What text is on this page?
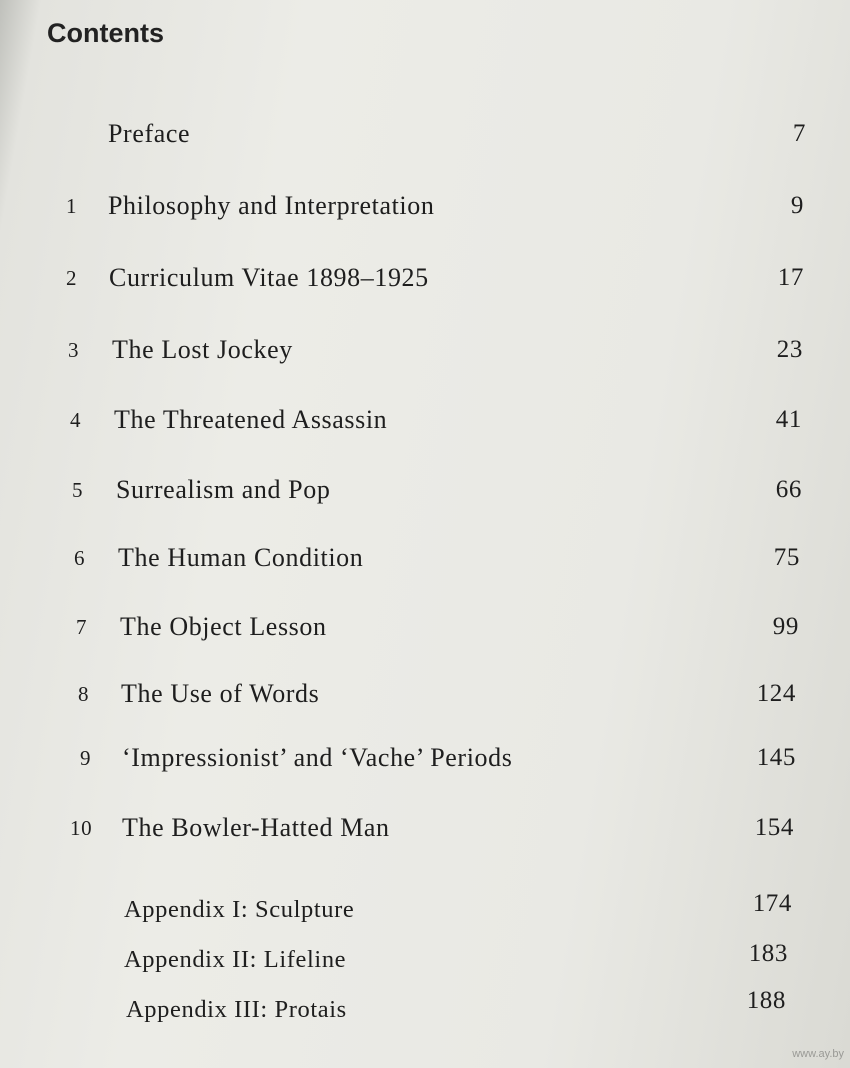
Contents
Preface	7
1	Philosophy and Interpretation	9
2	Curriculum Vitae 1898–1925	17
3	The Lost Jockey	23
4	The Threatened Assassin	41
5	Surrealism and Pop	66
6	The Human Condition	75
7	The Object Lesson	99
8	The Use of Words	124
9	‘Impressionist’ and ‘Vache’ Periods	145
10 The Bowler-Hatted Man	154
Appendix I: Sculpture	174
Appendix II: Lifeline	183
Appendix III: Protais	188
www.ay.by
